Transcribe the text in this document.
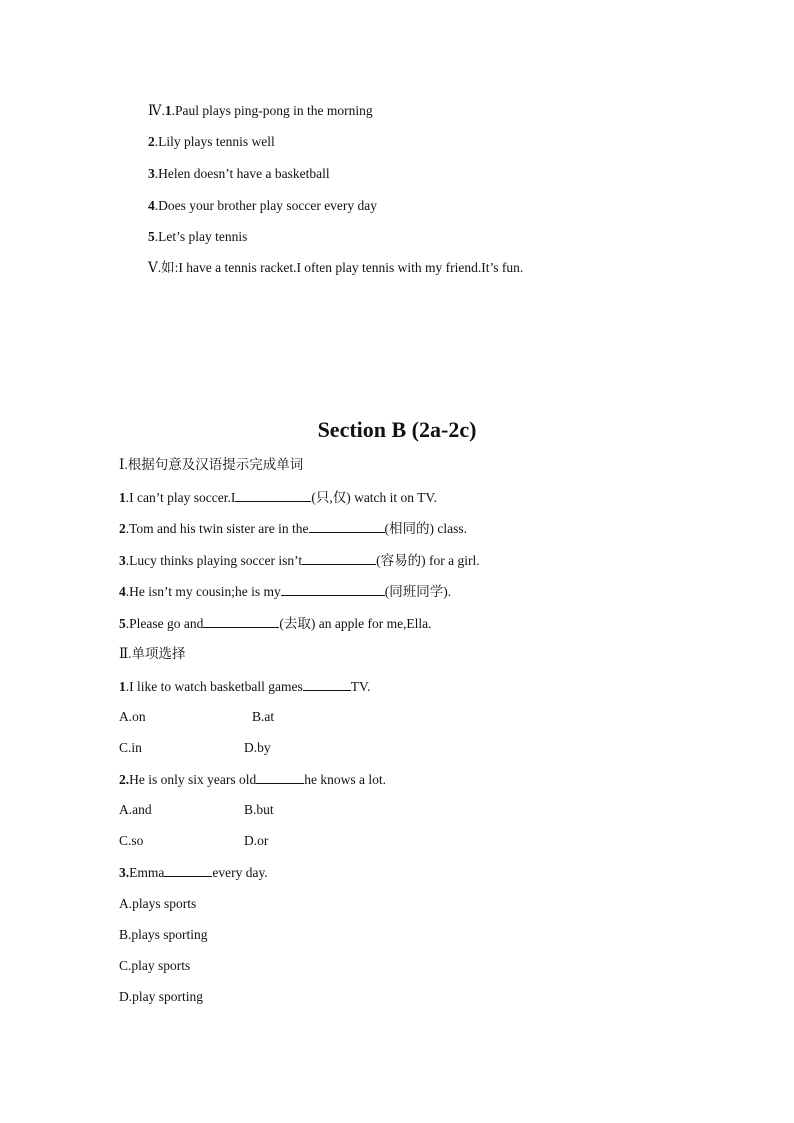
Ⅳ.1.Paul plays ping-pong in the morning
2.Lily plays tennis well
3.Helen doesn’t have a basketball
4.Does your brother play soccer every day
5.Let’s play tennis
Ⅴ.如:I have a tennis racket.I often play tennis with my friend.It’s fun.
Section B (2a-2c)
Ⅰ.根据句意及汉语提示完成单词
1.I can’t play soccer.I	(只,仅) watch it on TV.
2.Tom and his twin sister are in the	(相同的) class.
3.Lucy thinks playing soccer isn’t	(容易的) for a girl.
4.He isn’t my cousin;he is my	(同班同学).
5.Please go and	(去取) an apple for me,Ella.
Ⅱ.单项选择
1.I like to watch basketball games	TV.
A.on	B.at
C.in	D.by
2.He is only six years old	he knows a lot.
A.and	B.but
C.so	D.or
3.Emma	every day.
A.plays sports
B.plays sporting
C.play sports
D.play sporting
